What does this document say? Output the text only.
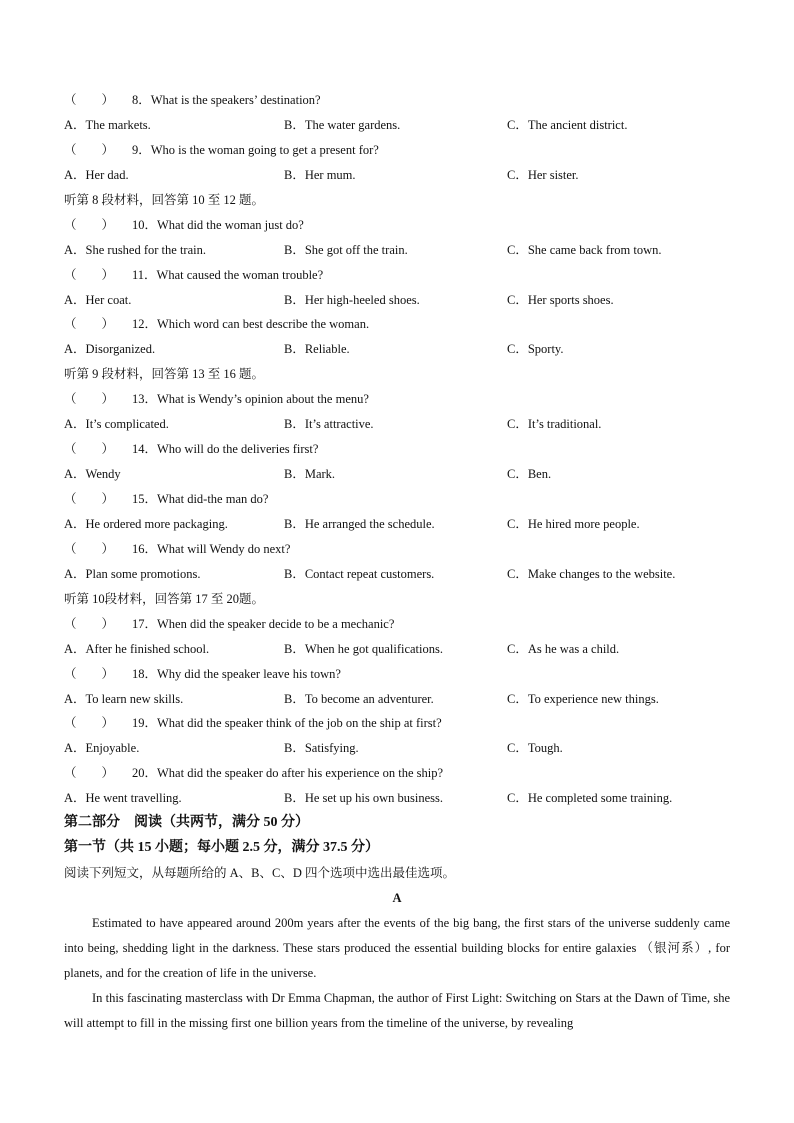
（　　） 8．What is the speakers’ destination?
A．The markets.	B．The water gardens.	C．The ancient district.
（　　） 9．Who is the woman going to get a present for?
A．Her dad.	B．Her mum.	C．Her sister.
听第 8 段材料，回答第 10 至 12 题。
（　　） 10．What did the woman just do?
A．She rushed for the train.	B．She got off the train.	C．She came back from town.
（　　） 11．What caused the woman trouble?
A．Her coat.	B．Her high-heeled shoes.	C．Her sports shoes.
（　　） 12．Which word can best describe the woman.
A．Disorganized.	B．Reliable.	C．Sporty.
听第 9 段材料，回答第 13 至 16 题。
（　　） 13．What is Wendy’s opinion about the menu?
A．It’s complicated.	B．It’s attractive.	C．It’s traditional.
（　　） 14．Who will do the deliveries first?
A．Wendy	B．Mark.	C．Ben.
（　　） 15．What did-the man do?
A．He ordered more packaging.	B．He arranged the schedule.	C．He hired more people.
（　　） 16．What will Wendy do next?
A．Plan some promotions.	B．Contact repeat customers.	C．Make changes to the website.
听第 10段材料，回答第 17 至 20题。
（　　） 17．When did the speaker decide to be a mechanic?
A．After he finished school.	B．When he got qualifications.	C．As he was a child.
（　　） 18．Why did the speaker leave his town?
A．To learn new skills.	B．To become an adventurer.	C．To experience new things.
（　　） 19．What did the speaker think of the job on the ship at first?
A．Enjoyable.	B．Satisfying.	C．Tough.
（　　） 20．What did the speaker do after his experience on the ship?
A．He went travelling.	B．He set up his own business.	C．He completed some training.
第二部分　阅读（共两节，满分 50 分）
第一节（共 15 小题；每小题 2.5 分，满分 37.5 分）
阅读下列短文，从每题所给的 A、B、C、D 四个选项中选出最佳选项。
A

Estimated to have appeared around 200m years after the events of the big bang, the first stars of the universe suddenly came into being, shedding light in the darkness. These stars produced the essential building blocks for entire galaxies （银河系）, for planets, and for the creation of life in the universe.

In this fascinating masterclass with Dr Emma Chapman, the author of First Light: Switching on Stars at the Dawn of Time, she will attempt to fill in the missing first one billion years from the timeline of the universe, by revealing
